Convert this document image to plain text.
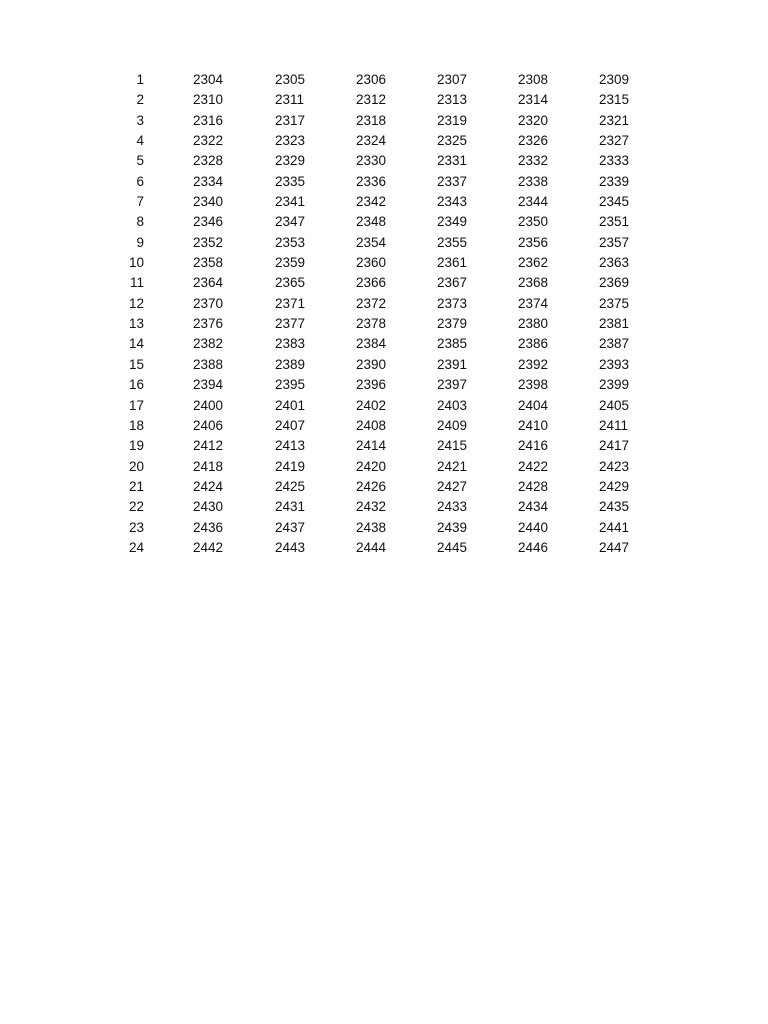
1	2304	2305	2306	2307	2308	2309
2	2310	2311	2312	2313	2314	2315
3	2316	2317	2318	2319	2320	2321
4	2322	2323	2324	2325	2326	2327
5	2328	2329	2330	2331	2332	2333
6	2334	2335	2336	2337	2338	2339
7	2340	2341	2342	2343	2344	2345
8	2346	2347	2348	2349	2350	2351
9	2352	2353	2354	2355	2356	2357
10	2358	2359	2360	2361	2362	2363
11	2364	2365	2366	2367	2368	2369
12	2370	2371	2372	2373	2374	2375
13	2376	2377	2378	2379	2380	2381
14	2382	2383	2384	2385	2386	2387
15	2388	2389	2390	2391	2392	2393
16	2394	2395	2396	2397	2398	2399
17	2400	2401	2402	2403	2404	2405
18	2406	2407	2408	2409	2410	2411
19	2412	2413	2414	2415	2416	2417
20	2418	2419	2420	2421	2422	2423
21	2424	2425	2426	2427	2428	2429
22	2430	2431	2432	2433	2434	2435
23	2436	2437	2438	2439	2440	2441
24	2442	2443	2444	2445	2446	2447
